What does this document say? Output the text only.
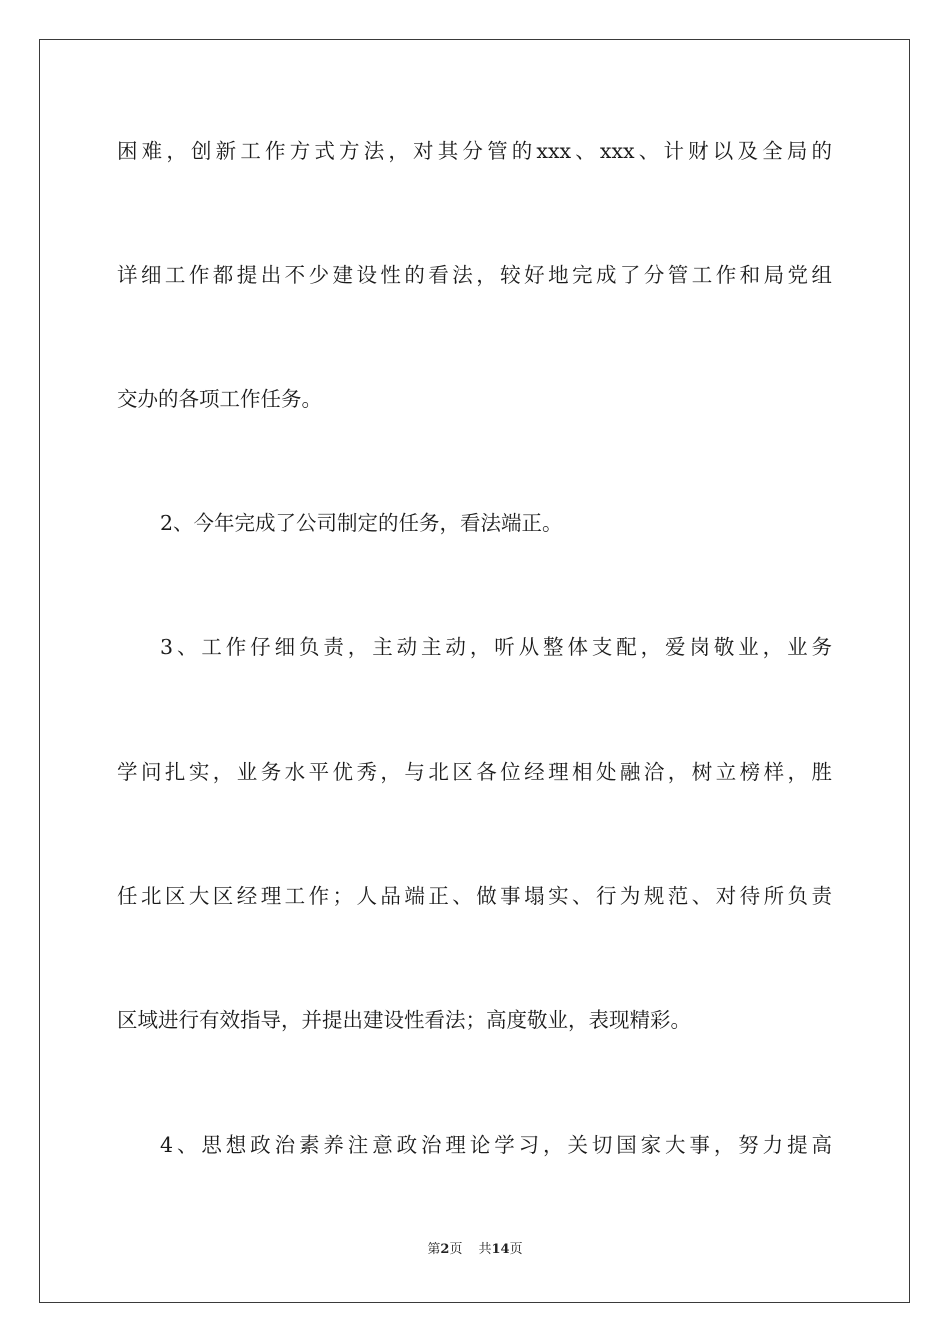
困难，创新工作方式方法，对其分管的xxx、xxx、计财以及全局的
详细工作都提出不少建设性的看法，较好地完成了分管工作和局党组
交办的各项工作任务。
2、今年完成了公司制定的任务，看法端正。
3、工作仔细负责，主动主动，听从整体支配，爱岗敬业，业务
学问扎实，业务水平优秀，与北区各位经理相处融洽，树立榜样，胜
任北区大区经理工作；人品端正、做事塌实、行为规范、对待所负责
区域进行有效指导，并提出建设性看法；高度敬业，表现精彩。
4、思想政治素养注意政治理论学习，关切国家大事，努力提高
第2页 共14页
